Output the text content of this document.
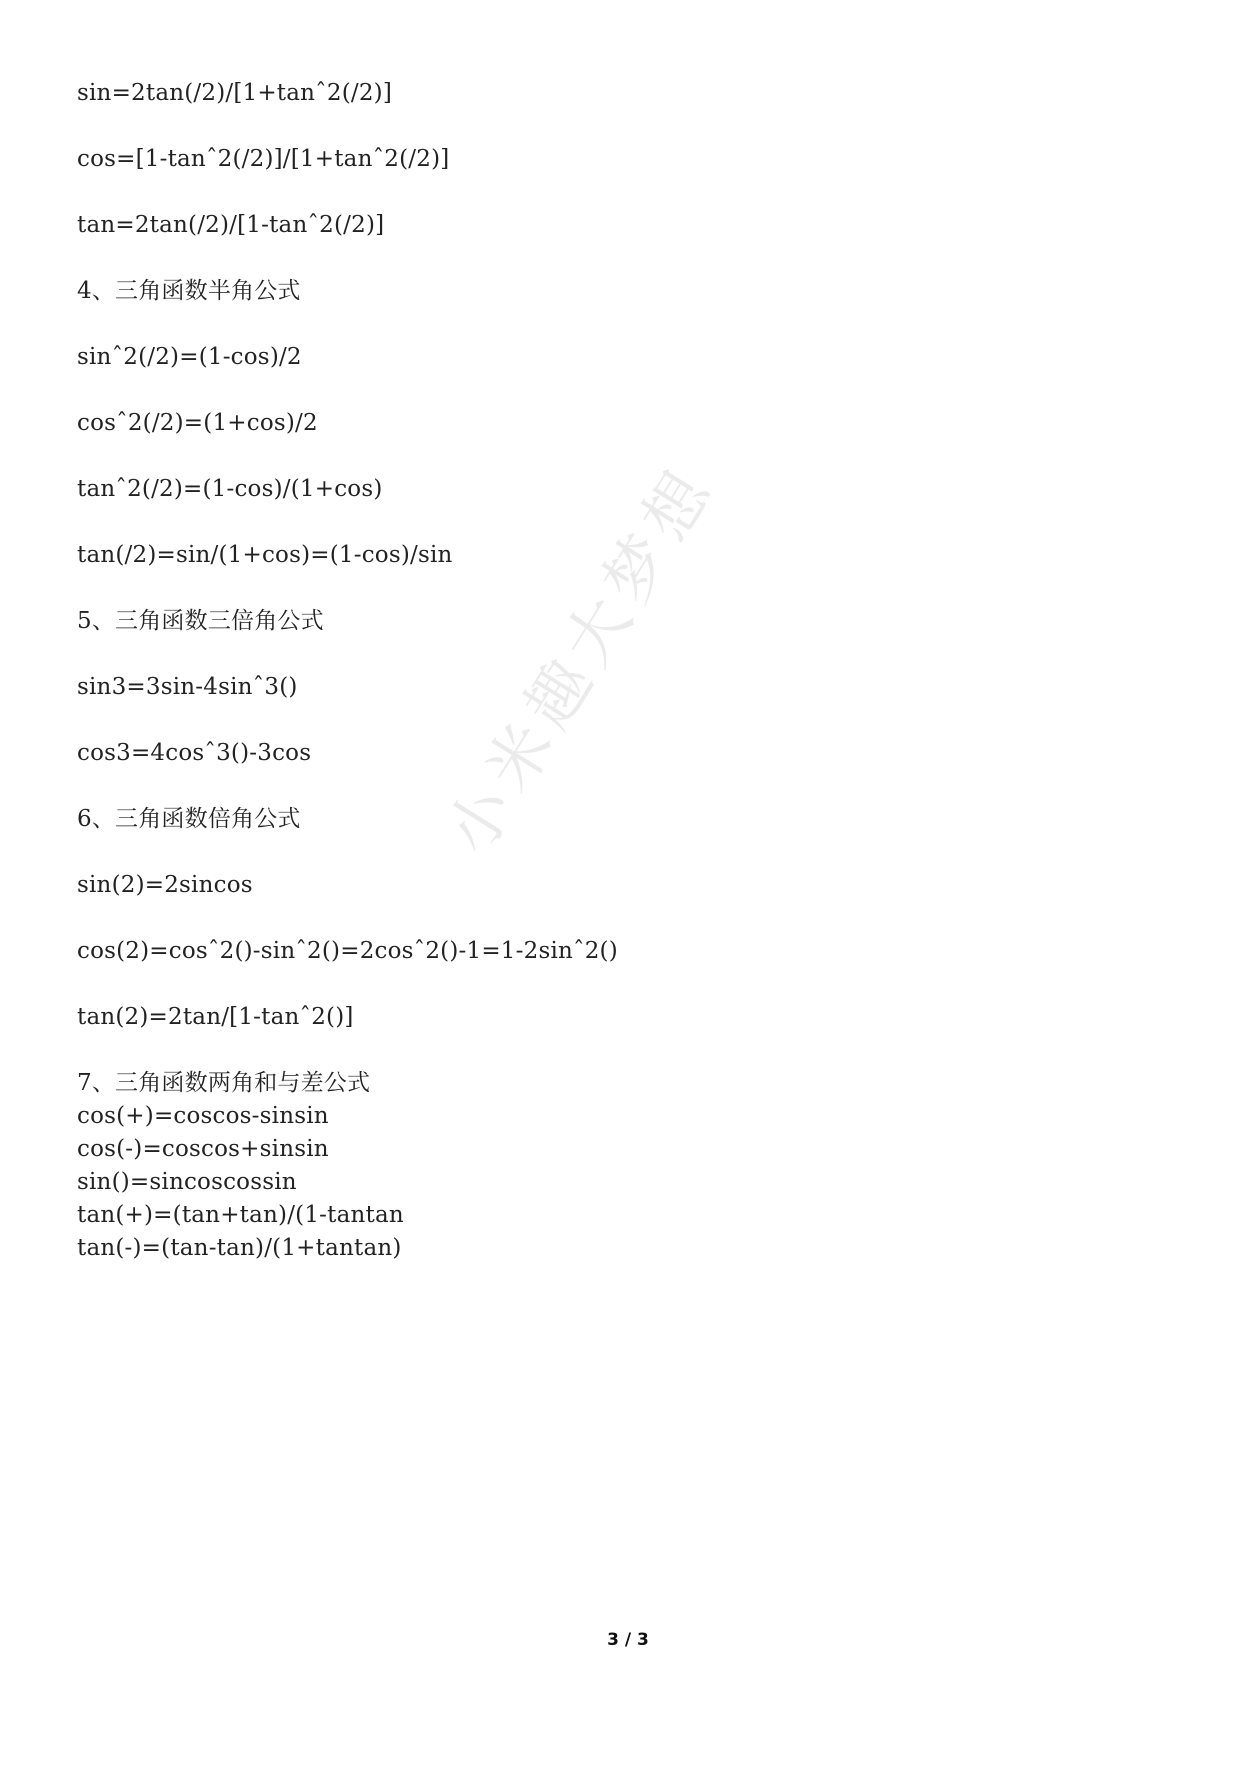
小米趣大梦想
sin=2tan(/2)/[1+tanˆ2(/2)]
cos=[1-tanˆ2(/2)]/[1+tanˆ2(/2)]
tan=2tan(/2)/[1-tanˆ2(/2)]
4、三角函数半角公式
sinˆ2(/2)=(1-cos)/2
cosˆ2(/2)=(1+cos)/2
tanˆ2(/2)=(1-cos)/(1+cos)
tan(/2)=sin/(1+cos)=(1-cos)/sin
5、三角函数三倍角公式
sin3=3sin-4sinˆ3()
cos3=4cosˆ3()-3cos
6、三角函数倍角公式
sin(2)=2sincos
cos(2)=cosˆ2()-sinˆ2()=2cosˆ2()-1=1-2sinˆ2()
tan(2)=2tan/[1-tanˆ2()]
7、三角函数两角和与差公式
cos(+)=coscos-sinsin
cos(-)=coscos+sinsin
sin()=sincoscossin
tan(+)=(tan+tan)/(1-tantan
tan(-)=(tan-tan)/(1+tantan)
3 / 3
